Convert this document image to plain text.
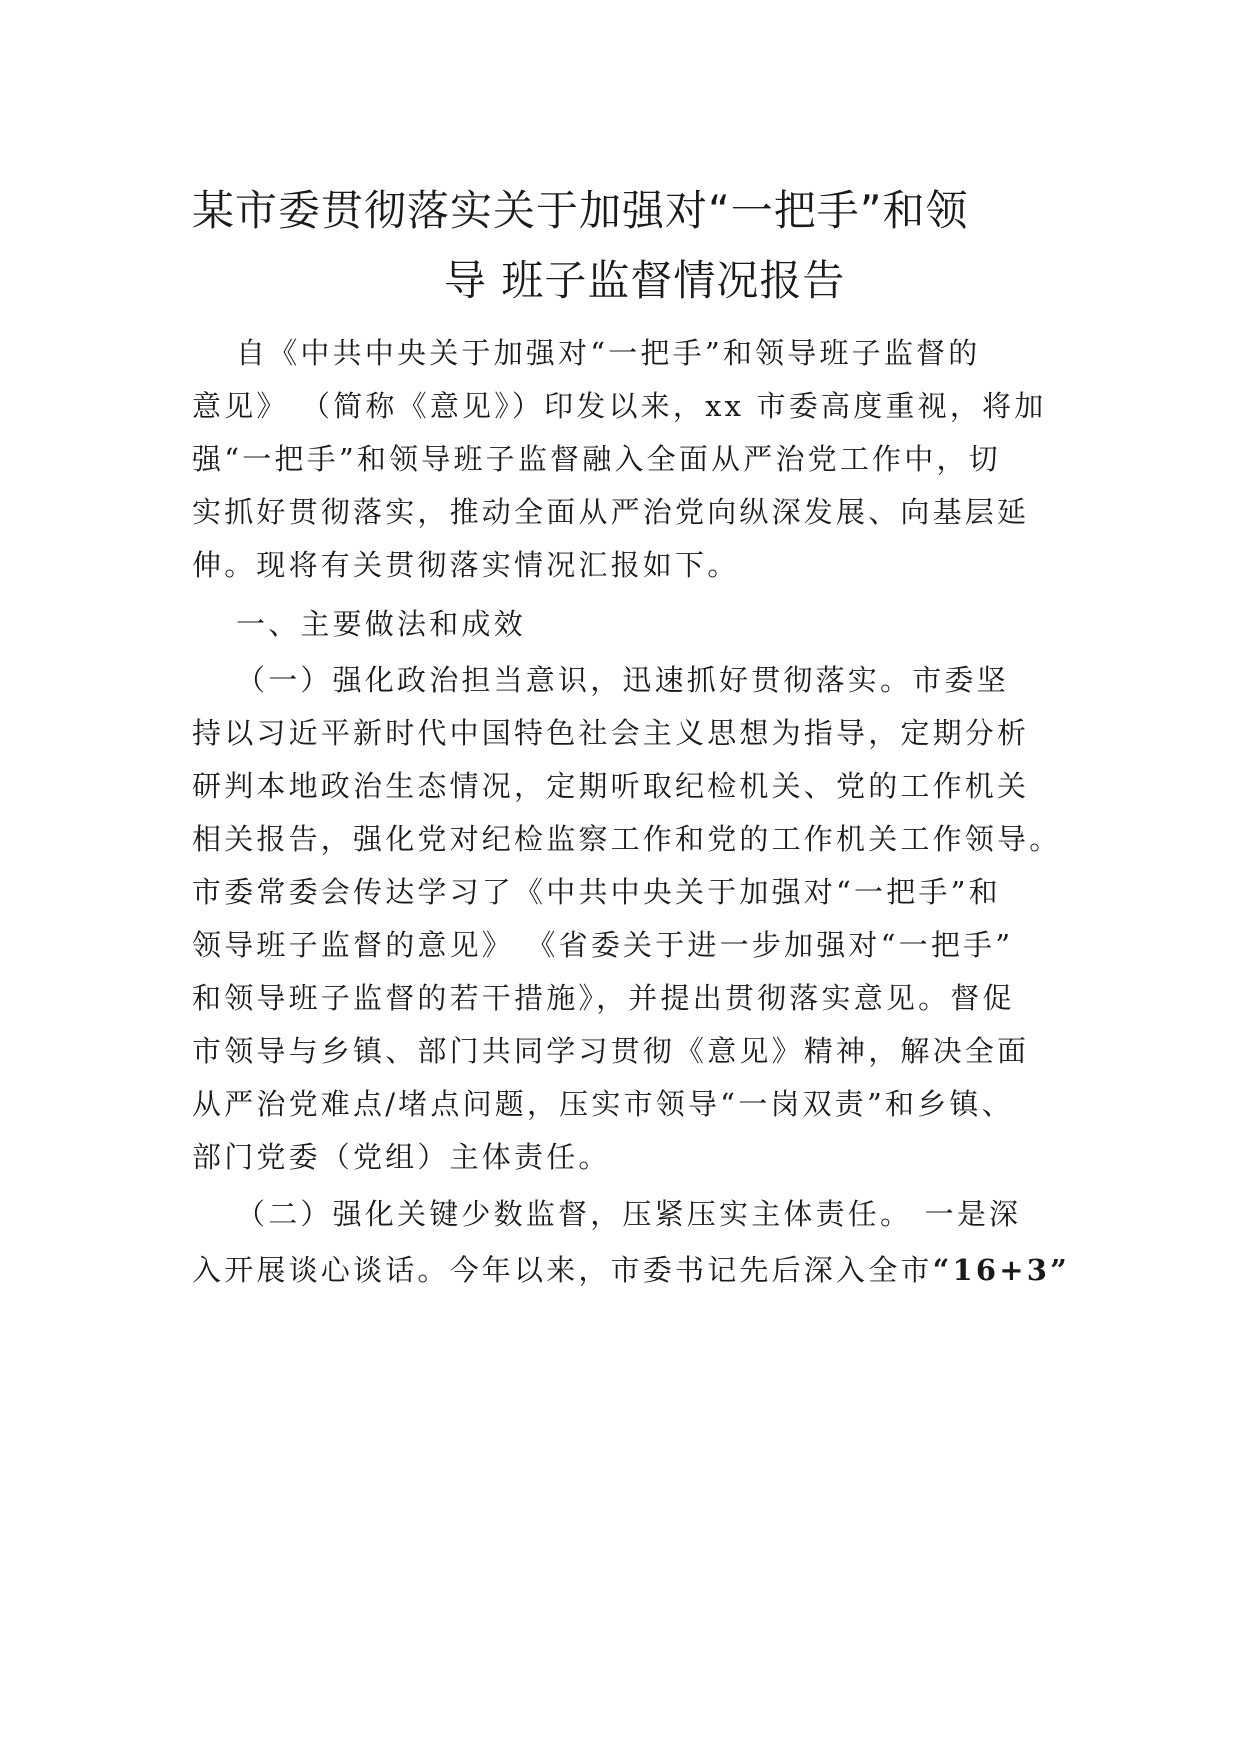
某市委贯彻落实关于加强对“一把手”和领
导 班子监督情况报告

自《中共中央关于加强对“一把手”和领导班子监督的

意见》 （简称《意见》）印发以来，xx 市委高度重视，将加

强“一把手”和领导班子监督融入全面从严治党工作中，切

实抓好贯彻落实，推动全面从严治党向纵深发展、向基层延

伸。现将有关贯彻落实情况汇报如下。

一、主要做法和成效

（一）强化政治担当意识，迅速抓好贯彻落实。市委坚

持以习近平新时代中国特色社会主义思想为指导，定期分析

研判本地政治生态情况，定期听取纪检机关、党的工作机关

相关报告，强化党对纪检监察工作和党的工作机关工作领导。

市委常委会传达学习了《中共中央关于加强对“一把手”和

领导班子监督的意见》 《省委关于进一步加强对“一把手”

和领导班子监督的若干措施》，并提出贯彻落实意见。督促

市领导与乡镇、部门共同学习贯彻《意见》精神，解决全面

从严治党难点/堵点问题，压实市领导“一岗双责”和乡镇、

部门党委（党组）主体责任。

（二）强化关键少数监督，压紧压实主体责任。 一是深

入开展谈心谈话。今年以来，市委书记先后深入全市“16+3”
